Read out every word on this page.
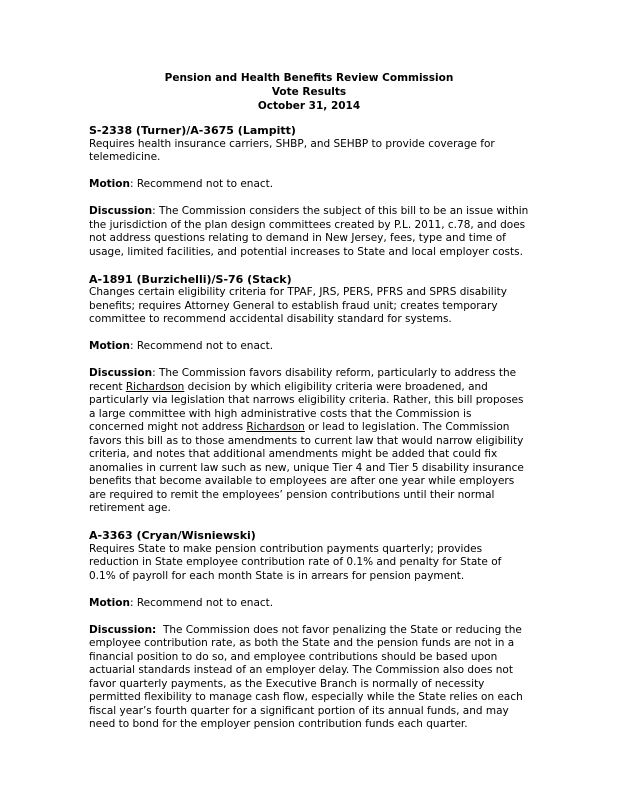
Pension and Health Benefits Review Commission
Vote Results
October 31, 2014

S-2338 (Turner)/A-3675 (Lampitt)

Requires health insurance carriers, SHBP, and SEHBP to provide coverage for telemedicine.

Motion: Recommend not to enact.

Discussion: The Commission considers the subject of this bill to be an issue within the jurisdiction of the plan design committees created by P.L. 2011, c.78, and does not address questions relating to demand in New Jersey, fees, type and time of usage, limited facilities, and potential increases to State and local employer costs.

A-1891 (Burzichelli)/S-76 (Stack)

Changes certain eligibility criteria for TPAF, JRS, PERS, PFRS and SPRS disability benefits; requires Attorney General to establish fraud unit; creates temporary committee to recommend accidental disability standard for systems.

Motion: Recommend not to enact.

Discussion: The Commission favors disability reform, particularly to address the recent Richardson decision by which eligibility criteria were broadened, and particularly via legislation that narrows eligibility criteria. Rather, this bill proposes a large committee with high administrative costs that the Commission is concerned might not address Richardson or lead to legislation. The Commission favors this bill as to those amendments to current law that would narrow eligibility criteria, and notes that additional amendments might be added that could fix anomalies in current law such as new, unique Tier 4 and Tier 5 disability insurance benefits that become available to employees are after one year while employers are required to remit the employees’ pension contributions until their normal retirement age.

A-3363 (Cryan/Wisniewski)

Requires State to make pension contribution payments quarterly; provides reduction in State employee contribution rate of 0.1% and penalty for State of 0.1% of payroll for each month State is in arrears for pension payment.

Motion: Recommend not to enact.

Discussion:  The Commission does not favor penalizing the State or reducing the employee contribution rate, as both the State and the pension funds are not in a financial position to do so, and employee contributions should be based upon actuarial standards instead of an employer delay. The Commission also does not favor quarterly payments, as the Executive Branch is normally of necessity permitted flexibility to manage cash flow, especially while the State relies on each fiscal year’s fourth quarter for a significant portion of its annual funds, and may need to bond for the employer pension contribution funds each quarter.
